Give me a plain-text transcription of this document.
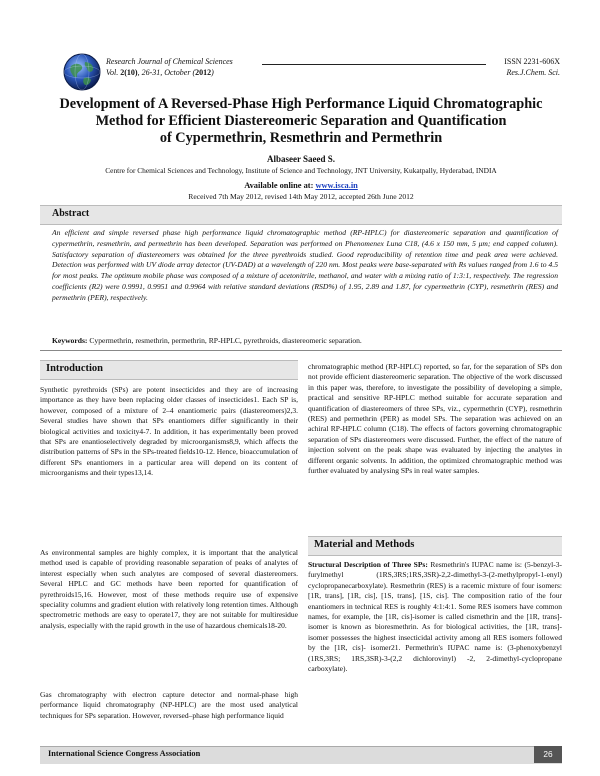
Research Journal of Chemical Sciences
Vol. 2(10), 26-31, October (2012)
ISSN 2231-606X
Res.J.Chem. Sci.
Development of A Reversed-Phase High Performance Liquid Chromatographic
Method for Efficient Diastereomeric Separation and Quantification
of Cypermethrin, Resmethrin and Permethrin
Albaseer Saeed S.
Centre for Chemical Sciences and Technology, Institute of Science and Technology, JNT University, Kukatpally, Hyderabad, INDIA
Available online at: www.isca.in
Received 7th May 2012, revised 14th May 2012, accepted 26th June 2012
Abstract
An efficient and simple reversed phase high performance liquid chromatographic method (RP-HPLC) for diastereomeric separation and quantification of cypermethrin, resmethrin, and permethrin has been developed. Separation was performed on Phenomenex Luna C18, (4.6 x 150 mm, 5 μm; end capped column). Satisfactory separation of diastereomers was obtained for the three pyrethroids studied. Good reproducibility of retention time and peak area were achieved. Detection was performed with UV diode array detector (UV-DAD) at a wavelength of 220 nm. Most peaks were base-separated with Rs values ranged from 1.6 to 4.5 for most peaks. The optimum mobile phase was composed of a mixture of acetonitrile, methanol, and water with a mixing ratio of 1:3:1, respectively. The regression coefficients (R2) were 0.9991, 0.9951 and 0.9964 with relative standard deviations (RSD%) of 1.95, 2.89 and 1.87, for cypermethrin (CYP), resmethrin (RES) and permethrin (PER), respectively.
Keywords: Cypermethrin, resmethrin, permethrin, RP-HPLC, pyrethroids, diastereomeric separation.
Introduction
Synthetic pyrethroids (SPs) are potent insecticides and they are of increasing importance as they have been replacing older classes of insecticides1. Each SP is, however, composed of a mixture of 2–4 enantiomeric pairs (diastereomers)2,3. Several studies have shown that SPs enantiomers differ significantly in their biological activities and toxicity4-7. In addition, it has experimentally been proved that SPs are enantioselectively degraded by microorganisms8,9, which affects the distribution patterns of SPs in the SPs-treated fields10-12. Hence, bioaccumulation of different SPs enantiomers in a particular area will depend on its content of microorganisms and their types13,14.
As environmental samples are highly complex, it is important that the analytical method used is capable of providing reasonable separation of peaks of analytes of interest especially when such analytes are composed of several diastereomers. Several HPLC and GC methods have been reported for quantification of pyrethroids15,16. However, most of these methods require use of expensive speciality columns and gradient elution with relatively long retention times. Although spectrometric methods are easy to operate17, they are not suitable for multiresidue analysis, especially with the rapid growth in the use of hazardous chemicals18-20.
Gas chromatography with electron capture detector and normal-phase high performance liquid chromatography (NP-HPLC) are the most used analytical techniques for SPs separation. However, reversed–phase high performance liquid
chromatographic method (RP-HPLC) reported, so far, for the separation of SPs don not provide efficient diastereomeric separation. The objective of the work discussed in this paper was, therefore, to investigate the possibility of developing a simple, practical and sensitive RP-HPLC method suitable for accurate separation and quantification of diastereomers of three SPs, viz., cypermethrin (CYP), resmethrin (RES) and permethrin (PER) as model SPs. The separation was achieved on an achiral RP-HPLC column (C18). The effects of factors governing chromatographic separation of SPs diastereomers were discussed. Further, the effect of the nature of injection solvent on the peak shape was evaluated by injecting the analytes in different organic solvents. In addition, the optimized chromatographic method was further evaluated by analysing SPs in real water samples.
Material and Methods
Structural Description of Three SPs: Resmethrin's IUPAC name is: (5-benzyl-3-furylmethyl (1RS,3RS;1RS,3SR)-2,2-dimethyl-3-(2-methylpropyl-1-enyl) cyclopropanecarboxylate). Resmethrin (RES) is a racemic mixture of four isomers: [1R, trans], [1R, cis], [1S, trans], [1S, cis]. The composition ratio of the four enantiomers in technical RES is roughly 4:1:4:1. Some RES isomers have common names, for example, the [1R, cis]-isomer is called cismethrin and the [1R, trans]- isomer is known as bioresmethrin. As for biological activities, the [1R, trans]-isomer possesses the highest insecticidal activity among all RES isomers followed by the [1R, cis]- isomer21. Permethrin's IUPAC name is: (3-phenoxybenzyl (1RS,3RS; 1RS,3SR)-3-(2,2 dichlorovinyl) -2, 2-dimethyl-cyclopropane carboxylate).
International Science Congress Association	26
